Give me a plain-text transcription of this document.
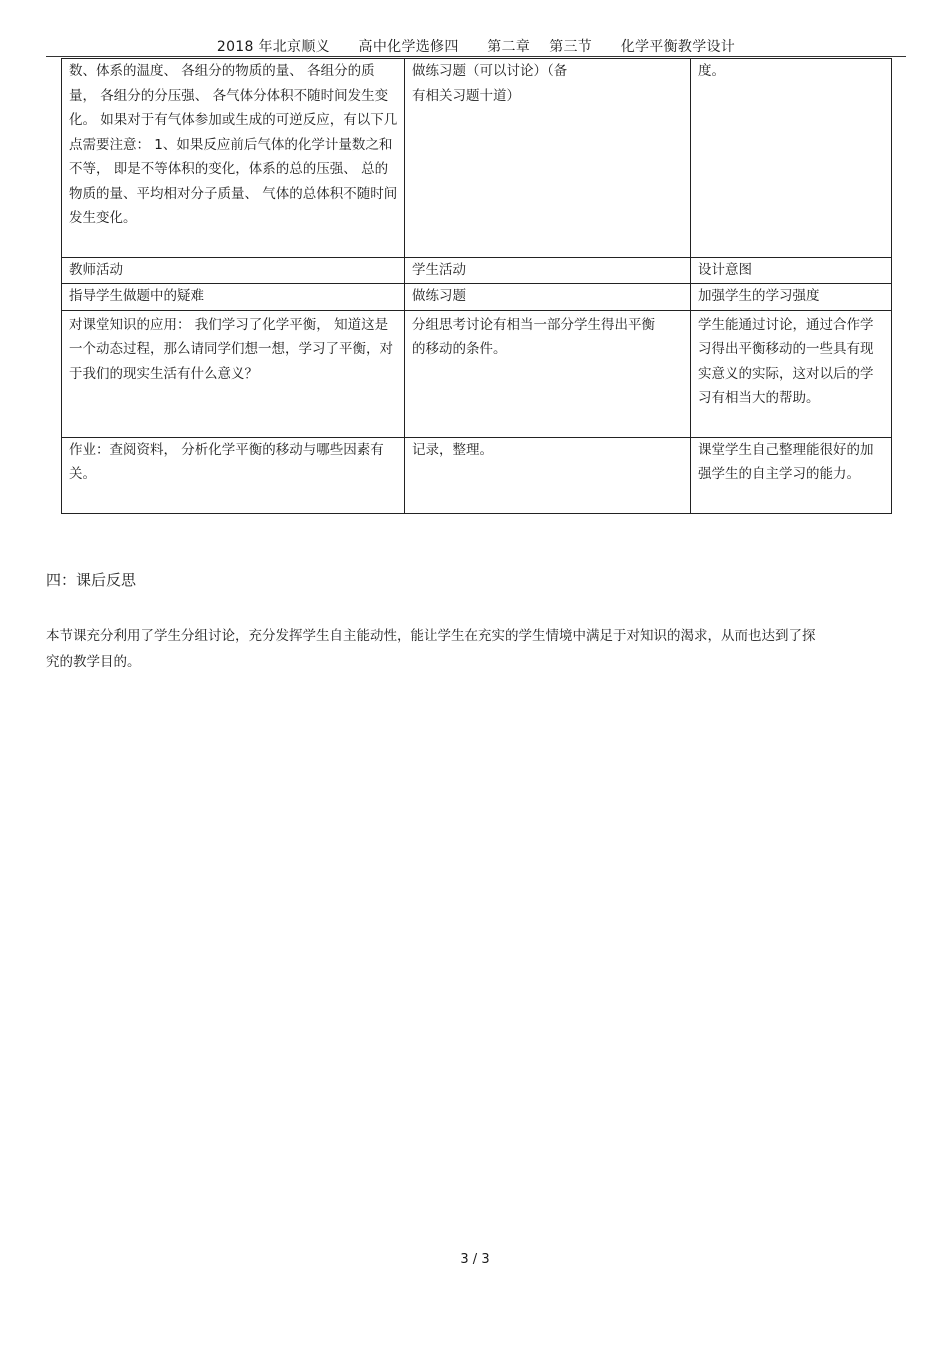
2018 年北京顺义　　高中化学选修四　　第二章　 第三节　　化学平衡教学设计
数、体系的温度、 各组分的物质的量、 各组分的质量， 各组分的分压强、 各气体分体积不随时间发生变化。 如果对于有气体参加或生成的可逆反应，有以下几点需要注意： 1、如果反应前后气体的化学计量数之和不等， 即是不等体积的变化，体系的总的压强、 总的物质的量、平均相对分子质量、 气体的总体积不随时间发生变化。	做练习题（可以讨论）（备有相关习题十道）	度。
教师活动	学生活动	设计意图
指导学生做题中的疑难	做练习题	加强学生的学习强度
对课堂知识的应用： 我们学习了化学平衡， 知道这是一个动态过程，那么请同学们想一想，学习了平衡，对于我们的现实生活有什么意义？	分组思考讨论有相当一部分学生得出平衡的移动的条件。	学生能通过讨论，通过合作学习得出平衡移动的一些具有现实意义的实际，这对以后的学习有相当大的帮助。
作业：查阅资料， 分析化学平衡的移动与哪些因素有关。	记录，整理。	课堂学生自己整理能很好的加强学生的自主学习的能力。
四：课后反思
本节课充分利用了学生分组讨论，充分发挥学生自主能动性，能让学生在充实的学生情境中满足于对知识的渴求，从而也达到了探究的教学目的。
3 / 3
